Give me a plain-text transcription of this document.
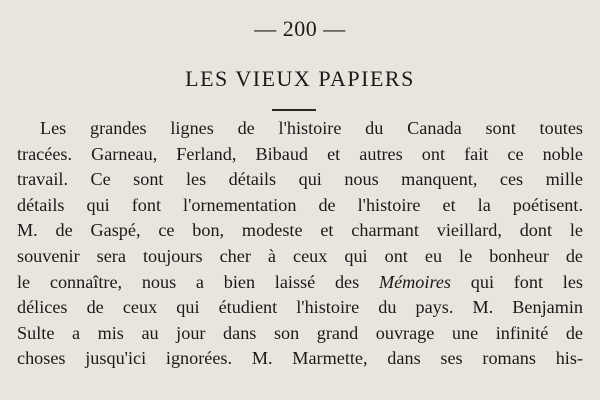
— 200 —
LES VIEUX PAPIERS
Les grandes lignes de l'histoire du Canada sont toutes
tracées. Garneau, Ferland, Bibaud et autres ont fait ce noble
travail. Ce sont les détails qui nous manquent, ces mille
détails qui font l'ornementation de l'histoire et la poétisent.
M. de Gaspé, ce bon, modeste et charmant vieillard, dont le
souvenir sera toujours cher à ceux qui ont eu le bonheur de
le connaître, nous a bien laissé des Mémoires qui font les
délices de ceux qui étudient l'histoire du pays. M. Benjamin
Sulte a mis au jour dans son grand ouvrage une infinité de
choses jusqu'ici ignorées. M. Marmette, dans ses romans his-
